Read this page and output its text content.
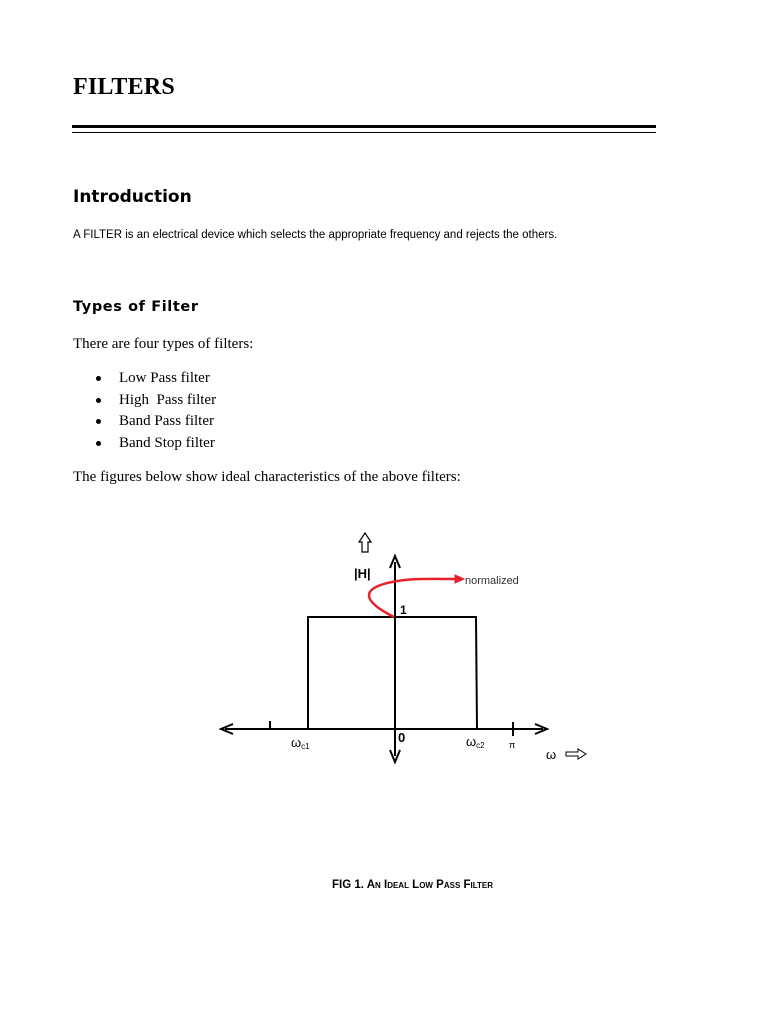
FILTERS
Introduction
A FILTER is an electrical device which selects the appropriate frequency and rejects the others.
Types of Filter
There are four types of filters:
Low Pass filter
High  Pass filter
Band Pass filter
Band Stop filter
The figures below show ideal characteristics of the above filters:
|H|
1
normalized
0
ωc1	ωc2	π
ω
FIG 1. An Ideal Low Pass Filter
